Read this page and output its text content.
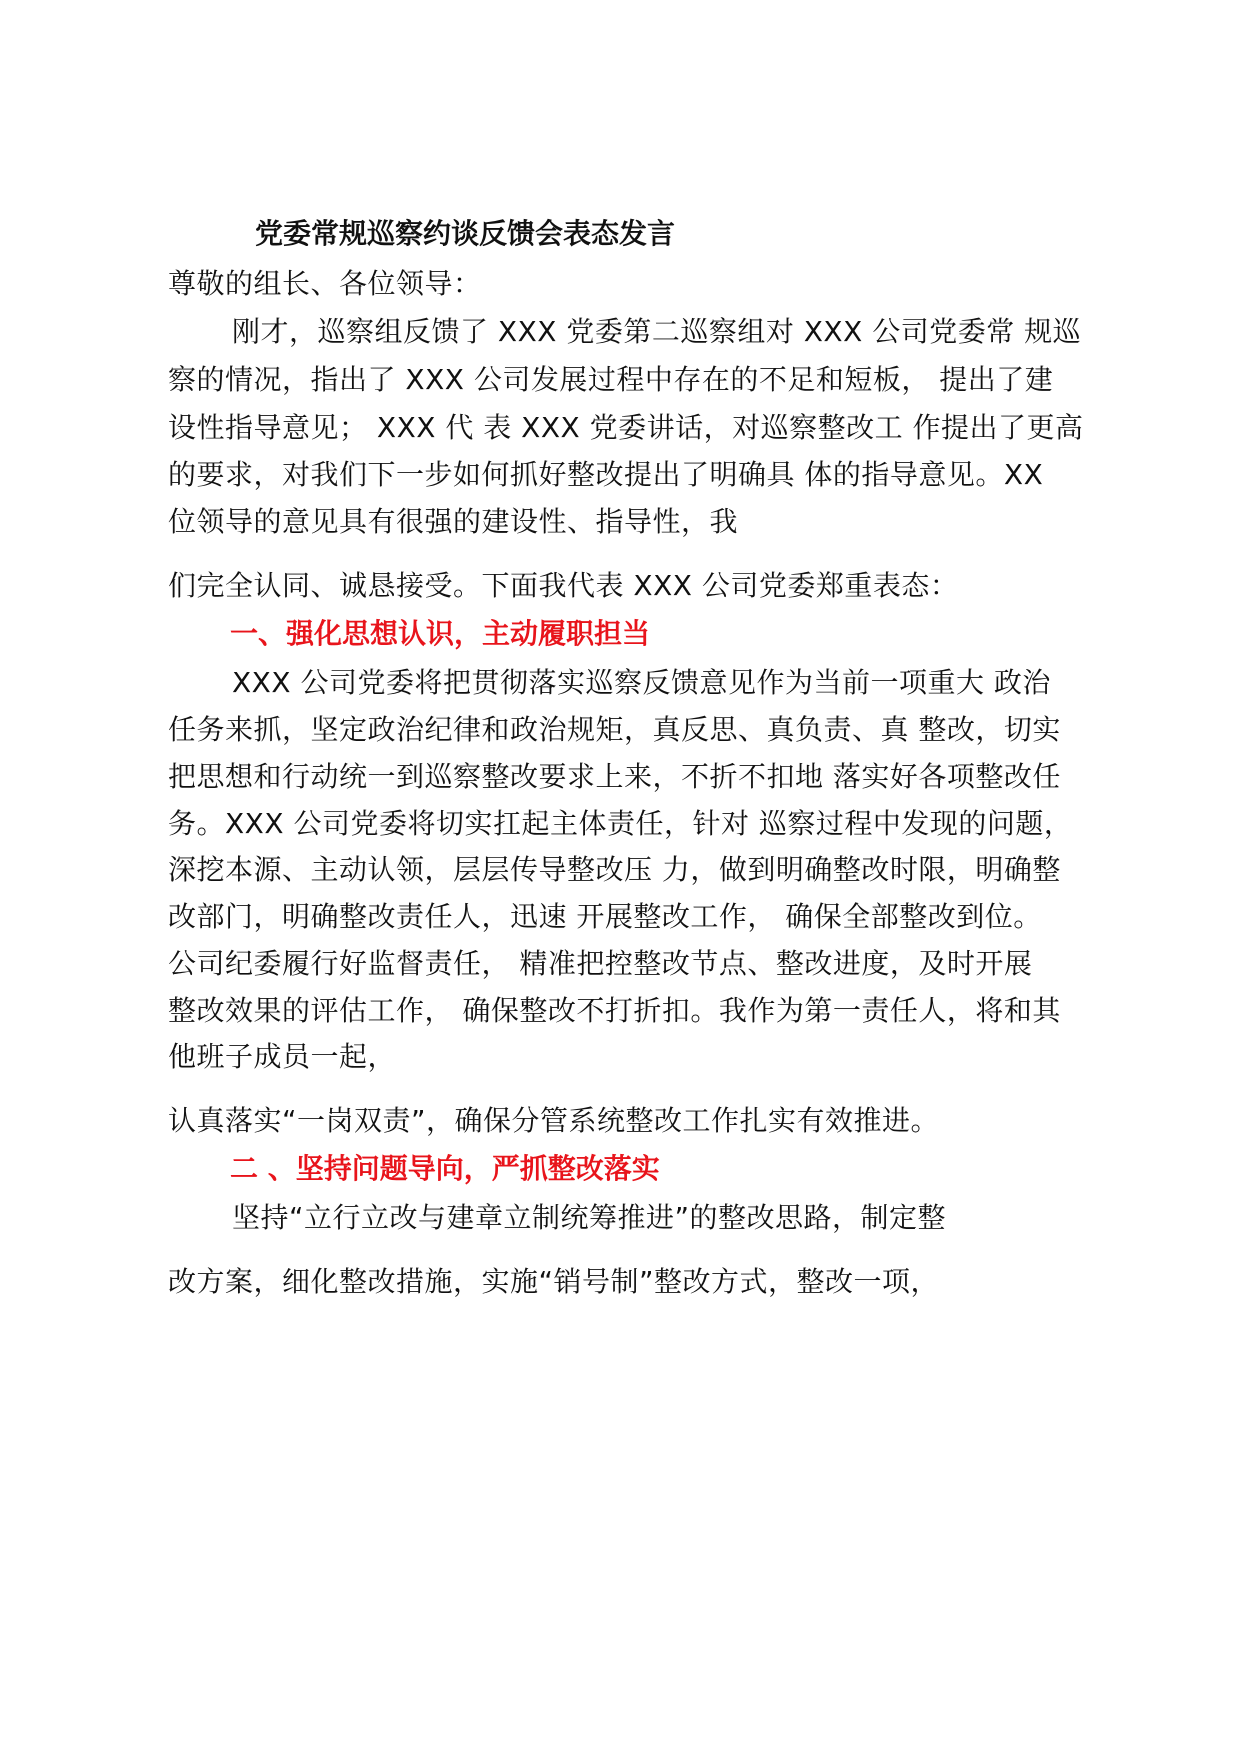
党委常规巡察约谈反馈会表态发言
尊敬的组长、各位领导：
刚才，巡察组反馈了 XXX 党委第二巡察组对 XXX 公司党委常 规巡
察的情况，指出了 XXX 公司发展过程中存在的不足和短板， 提出了建
设性指导意见； XXX 代 表 XXX 党委讲话，对巡察整改工 作提出了更高
的要求，对我们下一步如何抓好整改提出了明确具 体的指导意见。XX
位领导的意见具有很强的建设性、指导性，我
们完全认同、诚恳接受。下面我代表 XXX 公司党委郑重表态：
一、强化思想认识，主动履职担当
XXX 公司党委将把贯彻落实巡察反馈意见作为当前一项重大 政治
任务来抓，坚定政治纪律和政治规矩，真反思、真负责、真 整改，切实
把思想和行动统一到巡察整改要求上来，不折不扣地 落实好各项整改任
务。XXX 公司党委将切实扛起主体责任，针对 巡察过程中发现的问题，
深挖本源、主动认领，层层传导整改压 力，做到明确整改时限，明确整
改部门，明确整改责任人，迅速 开展整改工作， 确保全部整改到位。
公司纪委履行好监督责任， 精准把控整改节点、整改进度，及时开展
整改效果的评估工作， 确保整改不打折扣。我作为第一责任人，将和其
他班子成员一起，
认真落实“一岗双责”，确保分管系统整改工作扎实有效推进。
二 、坚持问题导向，严抓整改落实
坚持“立行立改与建章立制统筹推进”的整改思路，制定整
改方案，细化整改措施，实施“销号制”整改方式，整改一项，
